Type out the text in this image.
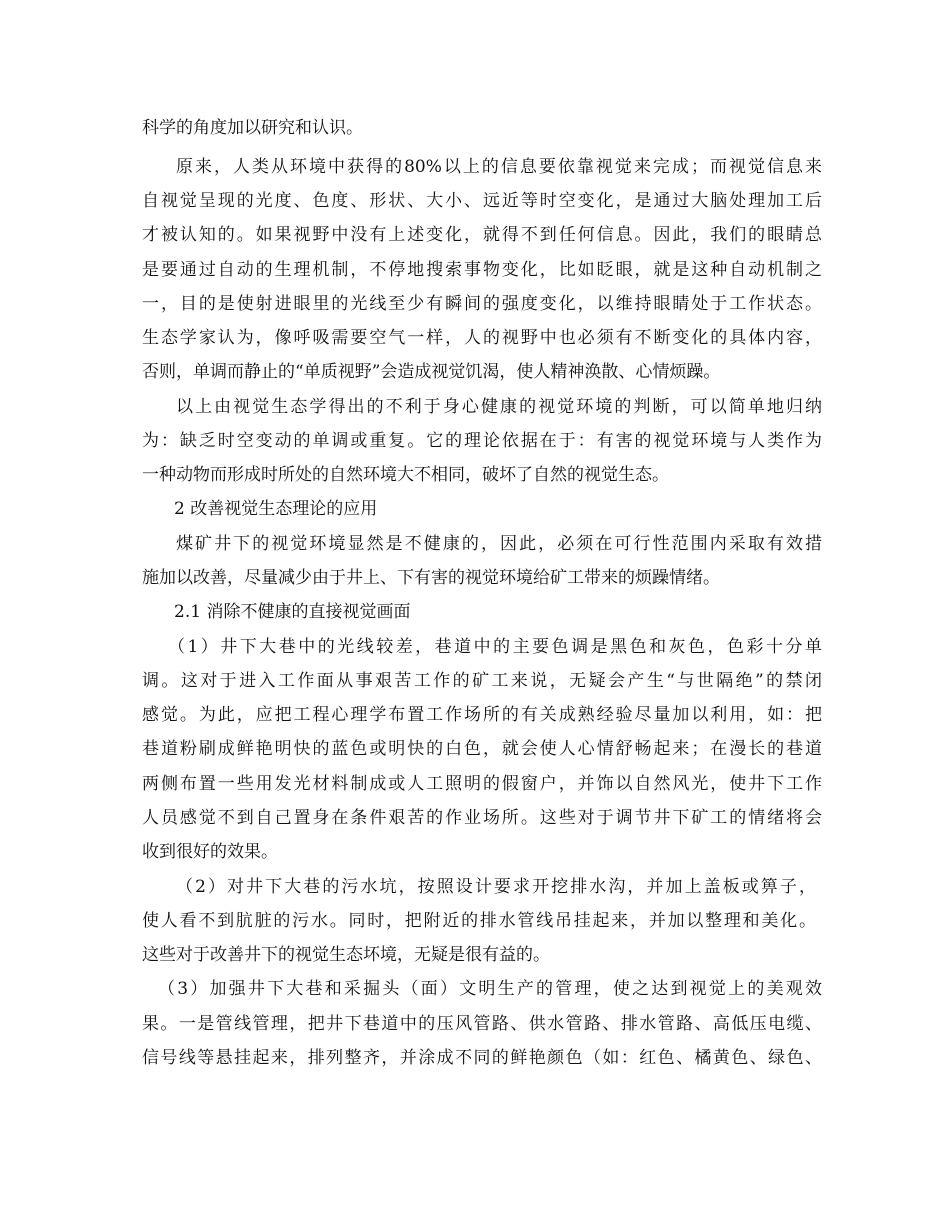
科学的角度加以研究和认识。
原来，人类从环境中获得的80%以上的信息要依靠视觉来完成；而视觉信息来
自视觉呈现的光度、色度、形状、大小、远近等时空变化，是通过大脑处理加工后
才被认知的。如果视野中没有上述变化，就得不到任何信息。因此，我们的眼睛总
是要通过自动的生理机制，不停地搜索事物变化，比如眨眼，就是这种自动机制之
一，目的是使射进眼里的光线至少有瞬间的强度变化，以维持眼睛处于工作状态。
生态学家认为，像呼吸需要空气一样，人的视野中也必须有不断变化的具体内容，
否则，单调而静止的“单质视野”会造成视觉饥渴，使人精神涣散、心情烦躁。
以上由视觉生态学得出的不利于身心健康的视觉环境的判断，可以简单地归纳
为：缺乏时空变动的单调或重复。它的理论依据在于：有害的视觉环境与人类作为
一种动物而形成时所处的自然环境大不相同，破坏了自然的视觉生态。
2 改善视觉生态理论的应用
煤矿井下的视觉环境显然是不健康的，因此，必须在可行性范围内采取有效措
施加以改善，尽量减少由于井上、下有害的视觉环境给矿工带来的烦躁情绪。
2.1 消除不健康的直接视觉画面
（1）井下大巷中的光线较差，巷道中的主要色调是黑色和灰色，色彩十分单
调。这对于进入工作面从事艰苦工作的矿工来说，无疑会产生“与世隔绝”的禁闭
感觉。为此，应把工程心理学布置工作场所的有关成熟经验尽量加以利用，如：把
巷道粉刷成鲜艳明快的蓝色或明快的白色，就会使人心情舒畅起来；在漫长的巷道
两侧布置一些用发光材料制成或人工照明的假窗户，并饰以自然风光，使井下工作
人员感觉不到自己置身在条件艰苦的作业场所。这些对于调节井下矿工的情绪将会
收到很好的效果。
（2）对井下大巷的污水坑，按照设计要求开挖排水沟，并加上盖板或箅子，
使人看不到肮脏的污水。同时，把附近的排水管线吊挂起来，并加以整理和美化。
这些对于改善井下的视觉生态坏境，无疑是很有益的。
（3）加强井下大巷和采掘头（面）文明生产的管理，使之达到视觉上的美观效
果。一是管线管理，把井下巷道中的压风管路、供水管路、排水管路、高低压电缆、
信号线等悬挂起来，排列整齐，并涂成不同的鲜艳颜色（如：红色、橘黄色、绿色、
